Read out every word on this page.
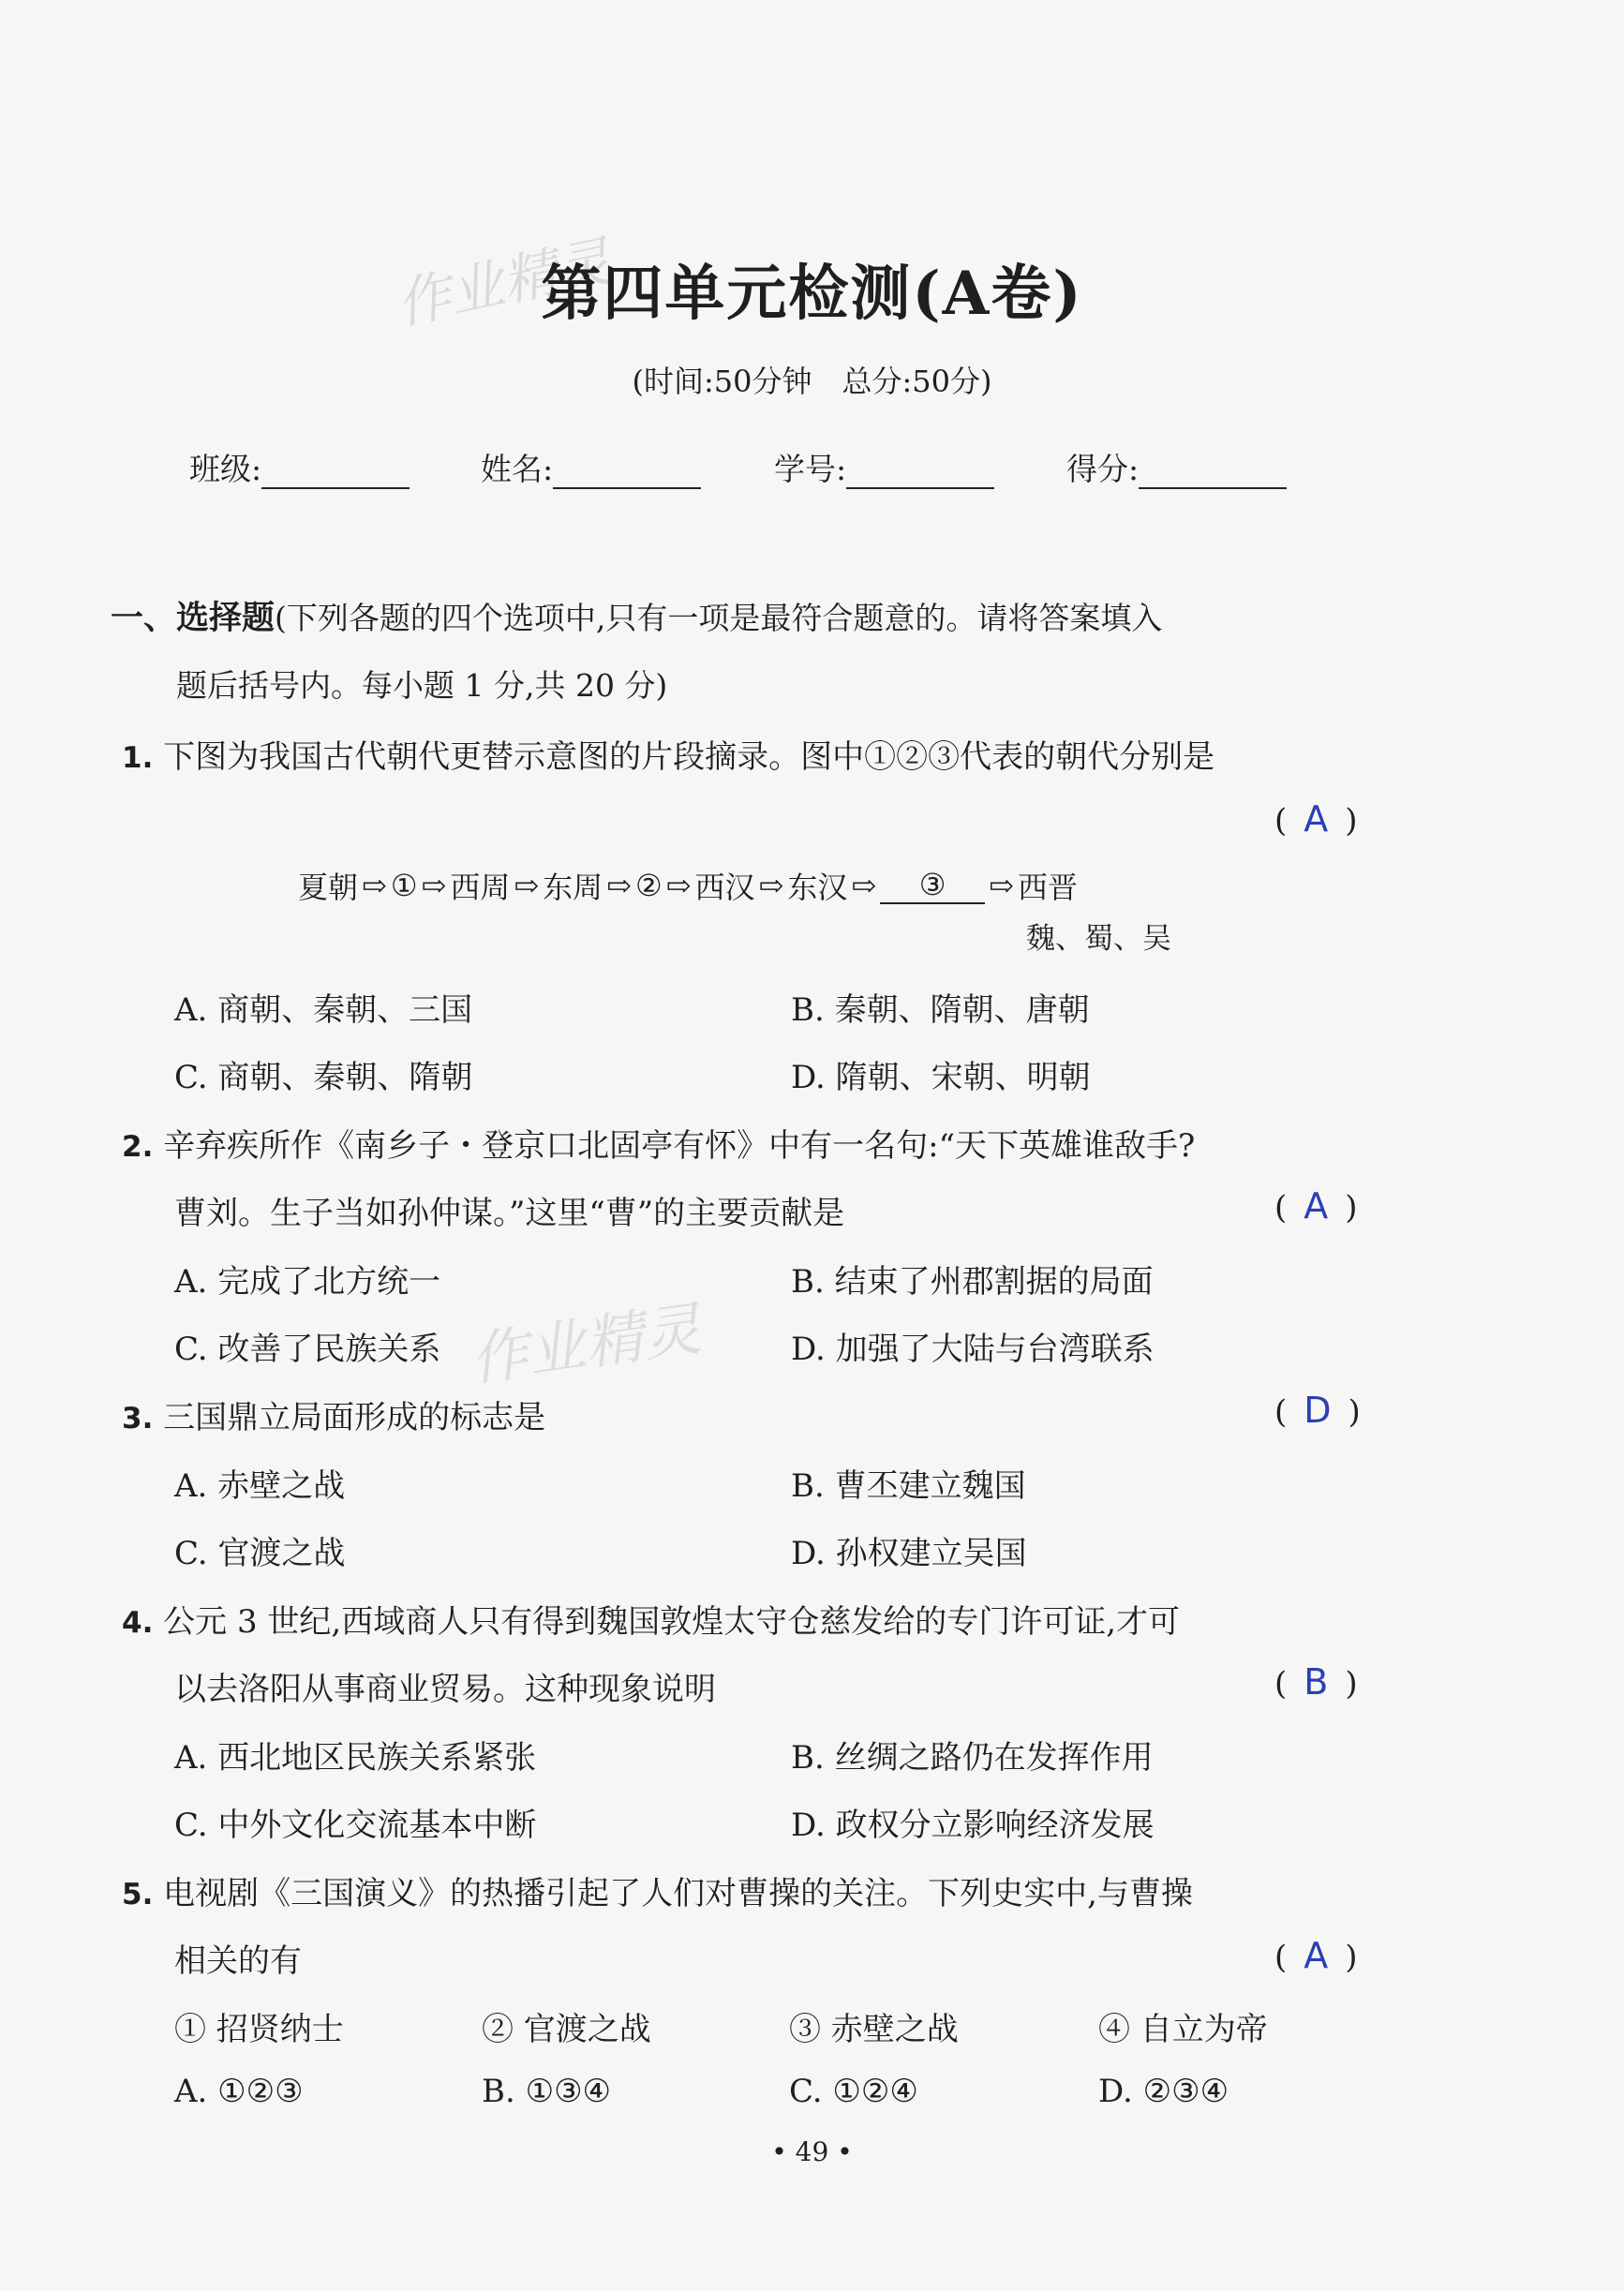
作业精灵
第四单元检测(A卷)
(时间:50分钟　总分:50分)
班级:	姓名:	学号:	得分:
一、选择题(下列各题的四个选项中,只有一项是最符合题意的。请将答案填入
题后括号内。每小题 1 分,共 20 分)
1. 下图为我国古代朝代更替示意图的片段摘录。图中①②③代表的朝代分别是
( A )
夏朝 ⇨ ① ⇨ 西周 ⇨ 东周 ⇨ ② ⇨ 西汉 ⇨ 东汉 ⇨	③	⇨ 西晋
魏、蜀、吴
A. 商朝、秦朝、三国	B. 秦朝、隋朝、唐朝
C. 商朝、秦朝、隋朝	D. 隋朝、宋朝、明朝
2. 辛弃疾所作《南乡子・登京口北固亭有怀》中有一名句:“天下英雄谁敌手?
曹刘。生子当如孙仲谋。”这里“曹”的主要贡献是	( A )
A. 完成了北方统一	B. 结束了州郡割据的局面
C. 改善了民族关系	D. 加强了大陆与台湾联系
作业精灵
3. 三国鼎立局面形成的标志是	( D )
A. 赤壁之战	B. 曹丕建立魏国
C. 官渡之战	D. 孙权建立吴国
4. 公元 3 世纪,西域商人只有得到魏国敦煌太守仓慈发给的专门许可证,才可
以去洛阳从事商业贸易。这种现象说明	( B )
A. 西北地区民族关系紧张	B. 丝绸之路仍在发挥作用
C. 中外文化交流基本中断	D. 政权分立影响经济发展
5. 电视剧《三国演义》的热播引起了人们对曹操的关注。下列史实中,与曹操
相关的有	( A )
① 招贤纳士	② 官渡之战	③ 赤壁之战	④ 自立为帝
A. ①②③	B. ①③④	C. ①②④	D. ②③④
• 49 •
